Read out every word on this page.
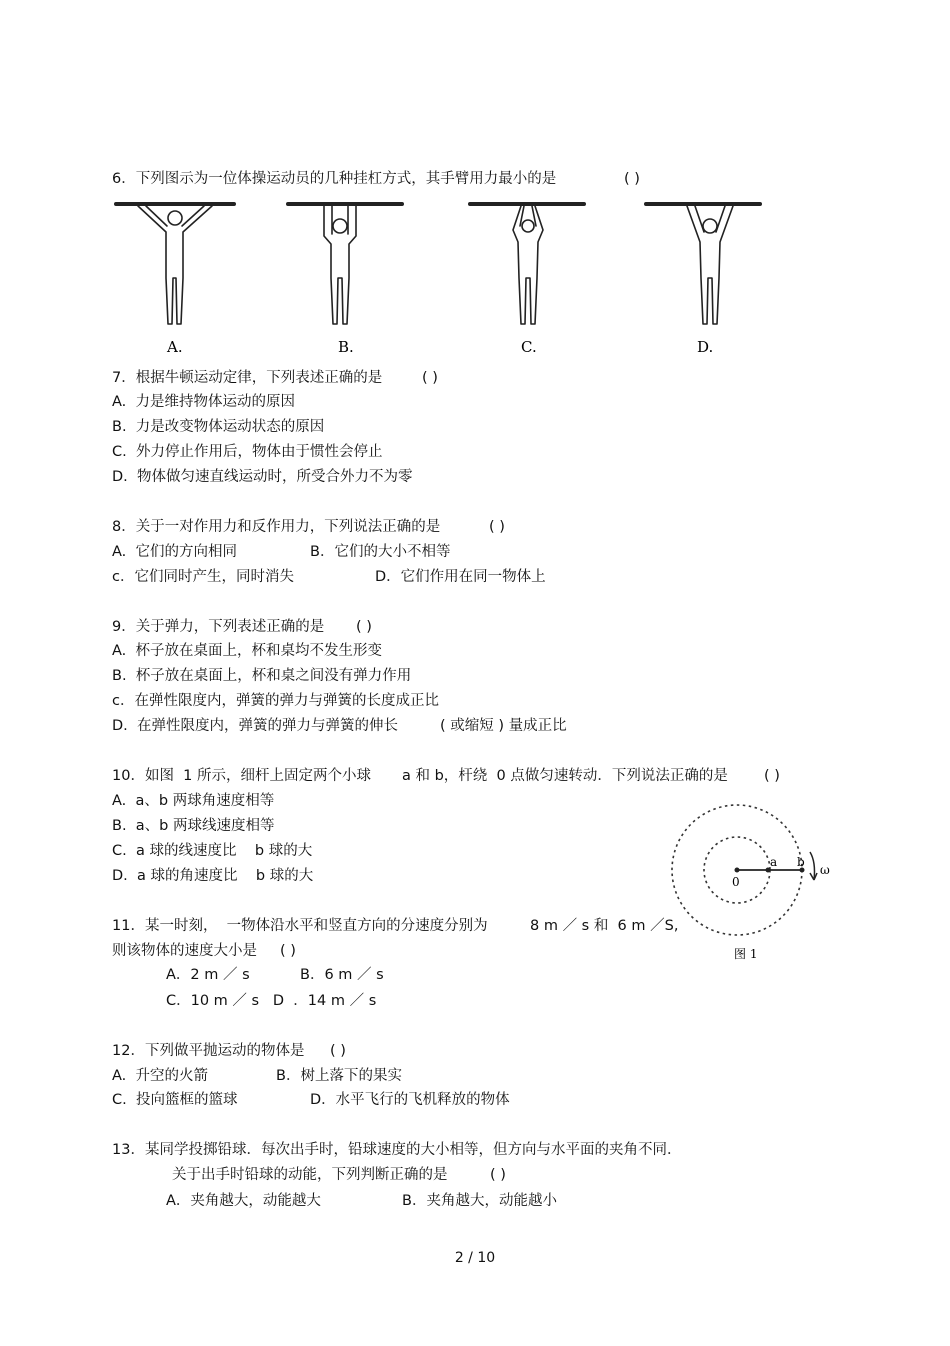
6．下列图示为一位体操运动员的几种挂杠方式，其手臂用力最小的是	( )
A.	B.	C.	D.
7．根据牛顿运动定律，下列表述正确的是	( )
A.  力是维持物体运动的原因
B.  力是改变物体运动状态的原因
C.  外力停止作用后，物体由于惯性会停止
D.  物体做匀速直线运动时，所受合外力不为零
8．关于一对作用力和反作用力，下列说法正确的是	( )
A.  它们的方向相同	B．它们的大小不相等
c．它们同时产生，同时消失	D．它们作用在同一物体上
9．关于弹力，下列表述正确的是 ( )
A.  杯子放在桌面上，杯和桌均不发生形变
B.  杯子放在桌面上，杯和桌之间没有弹力作用
c．在弹性限度内，弹簧的弹力与弹簧的长度成正比
D.  在弹性限度内，弹簧的弹力与弹簧的伸长	( 或缩短 ) 量成正比
10．如图  1 所示，细杆上固定两个小球 a 和 b，杆绕  0 点做匀速转动．下列说法正确的是 ( )
A.  a、b 两球角速度相等
B.  a、b 两球线速度相等
C.  a 球的线速度比    b 球的大
D.  a 球的角速度比    b 球的大	0
a b
ω
图 1
11．某一时刻，  一物体沿水平和竖直方向的分速度分别为	8 m ／ s 和  6 m ／S,
则该物体的速度大小是 ( )
A．2 m ／ s	B．6 m ／ s
C．10 m ／ s   D  ．14 m ／ s
12．下列做平抛运动的物体是 ( )
A.  升空的火箭	B．树上落下的果实
C.  投向篮框的篮球	D．水平飞行的飞机释放的物体
13．某同学投掷铅球．每次出手时，铅球速度的大小相等，但方向与水平面的夹角不同．
关于出手时铅球的动能，下列判断正确的是	( )
A．夹角越大，动能越大	B．夹角越大，动能越小
2 / 10
